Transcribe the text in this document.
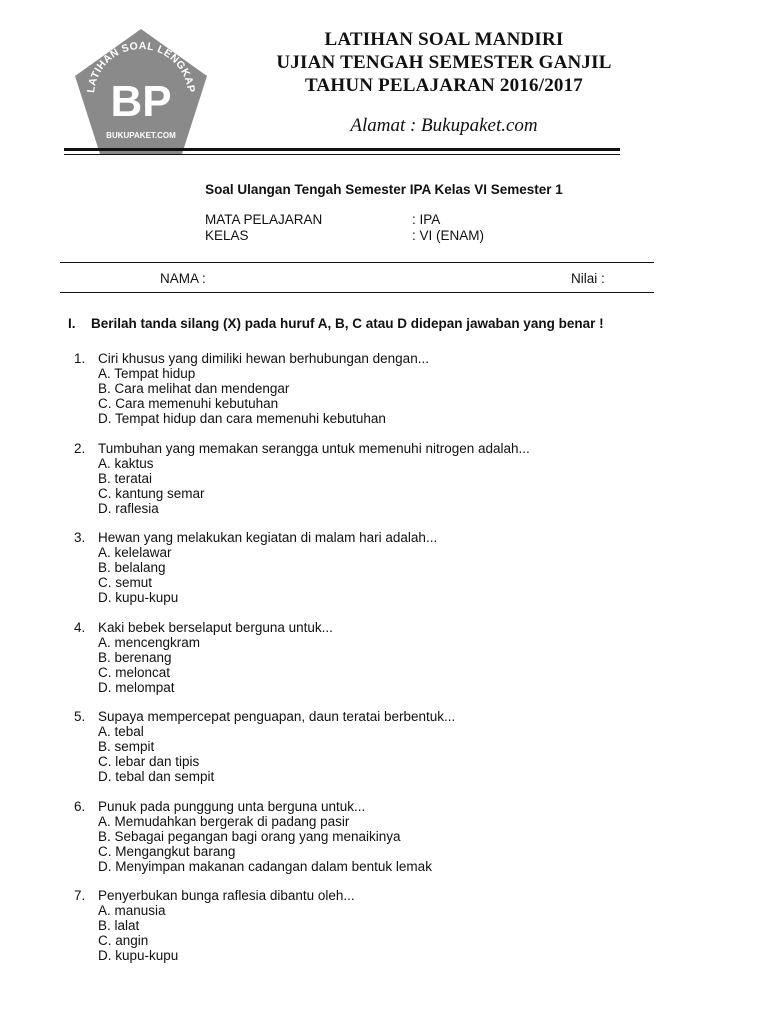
LATIHAN SOAL LENGKAP
BP
BUKUPAKET.COM
LATIHAN SOAL MANDIRI
UJIAN TENGAH SEMESTER GANJIL
TAHUN PELAJARAN 2016/2017
Alamat : Bukupaket.com
Soal Ulangan Tengah Semester IPA Kelas VI Semester 1
MATA PELAJARAN	: IPA
KELAS	: VI (ENAM)
NAMA :	Nilai :
I. Berilah tanda silang (X) pada huruf A, B, C atau D didepan jawaban yang benar !
1. Ciri khusus yang dimiliki hewan berhubungan dengan...
A. Tempat hidup
B. Cara melihat dan mendengar
C. Cara memenuhi kebutuhan
D. Tempat hidup dan cara memenuhi kebutuhan
2. Tumbuhan yang memakan serangga untuk memenuhi nitrogen adalah...
A. kaktus
B. teratai
C. kantung semar
D. raflesia
3. Hewan yang melakukan kegiatan di malam hari adalah...
A. kelelawar
B. belalang
C. semut
D. kupu-kupu
4. Kaki bebek berselaput berguna untuk...
A. mencengkram
B. berenang
C. meloncat
D. melompat
5. Supaya mempercepat penguapan, daun teratai berbentuk...
A. tebal
B. sempit
C. lebar dan tipis
D. tebal dan sempit
6. Punuk pada punggung unta berguna untuk...
A. Memudahkan bergerak di padang pasir
B. Sebagai pegangan bagi orang yang menaikinya
C. Mengangkut barang
D. Menyimpan makanan cadangan dalam bentuk lemak
7. Penyerbukan bunga raflesia dibantu oleh...
A. manusia
B. lalat
C. angin
D. kupu-kupu
